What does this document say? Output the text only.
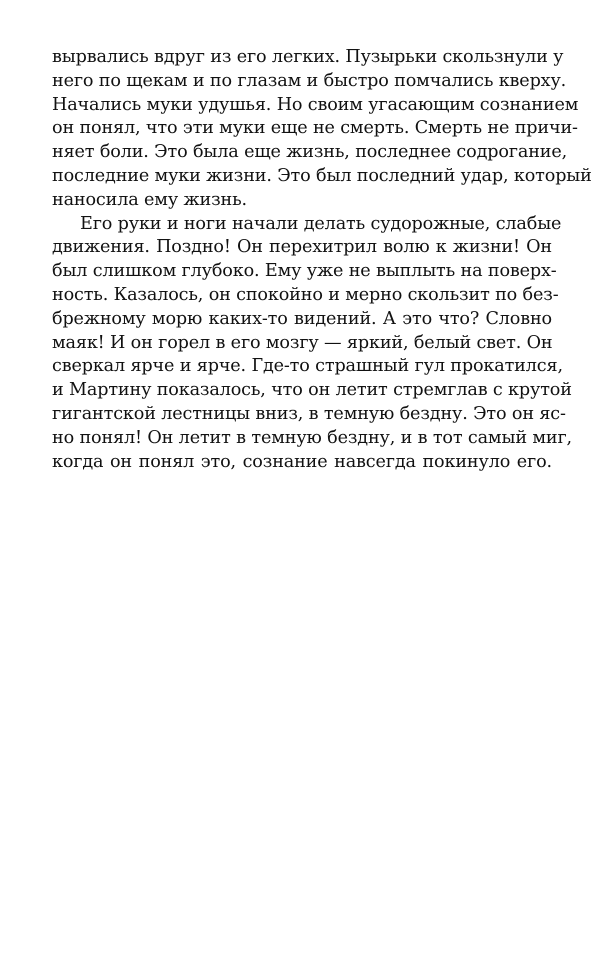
вырвались вдруг из его легких. Пузырьки скользнули у
него по щекам и по глазам и быстро помчались кверху.
Начались муки удушья. Но своим угасающим сознанием
он понял, что эти муки еще не смерть. Смерть не причи-
няет боли. Это была еще жизнь, последнее содрогание,
последние муки жизни. Это был последний удар, который
наносила ему жизнь.
Его руки и ноги начали делать судорожные, слабые
движения. Поздно! Он перехитрил волю к жизни! Он
был слишком глубоко. Ему уже не выплыть на поверх-
ность. Казалось, он спокойно и мерно скользит по без-
брежному морю каких-то видений. А это что? Словно
маяк! И он горел в его мозгу — яркий, белый свет. Он
сверкал ярче и ярче. Где-то страшный гул прокатился,
и Мартину показалось, что он летит стремглав с крутой
гигантской лестницы вниз, в темную бездну. Это он яс-
но понял! Он летит в темную бездну, и в тот самый миг,
когда он понял это, сознание навсегда покинуло его.
